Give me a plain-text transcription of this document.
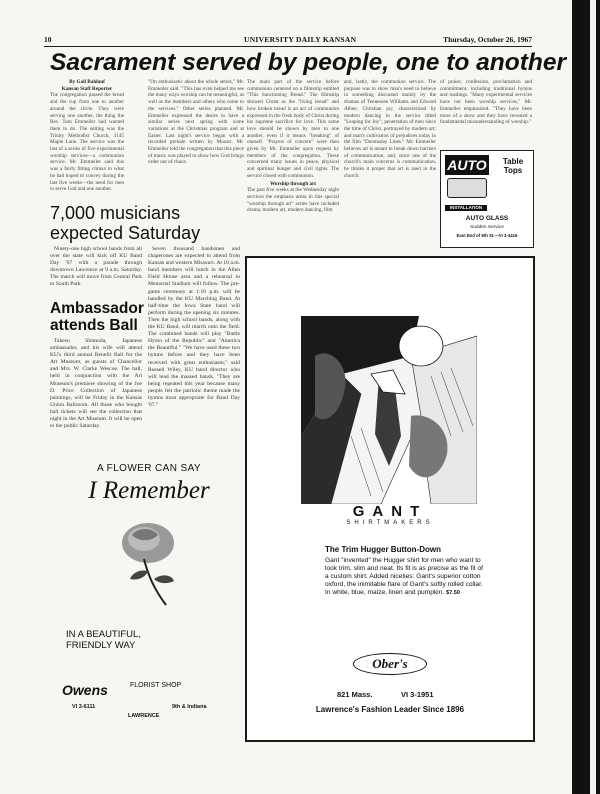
10	UNIVERSITY DAILY KANSAN	Thursday, October 26, 1967
Sacrament served by people, one to another
By Gail Baldauf
Kansan Staff Reporter
The congregation passed the bread and the cup from one to another around the circle. They were serving one another, the thing the Rev. Tom Emmeiler had wanted them to do. The setting was the Trinity Methodist Church, 3145 Maple Lane. The service was the last of a series of five experimental worship services—a communion service. Mr. Emmeiler said this was a fairly fitting climax to what he had hoped to convey during the last five weeks—the need for men to serve God and one another.
"I'm enthusiastic about the whole series," Mr. Emmeiler said. "This has even helped me see the many ways worship can be meaningful, as well as the members and others who come to the services." Other series planned. Mr. Emmeiler expressed the desire to have a similar series next spring with some variations at the Christmas program and at Easter. Last night's service began with a recorded prelude written by Mozart. Mr. Emmeiler told the congregation that this piece of music was played to show how God brings order out of chaos.
The main part of the service before communion centered on a filmstrip entitled "This Sanctioning Bread." The filmstrip showed Christ as the "living bread" and how broken bread is an act of communion expressed in the fresh body of Christ during his supreme sacrifice for love. This same love should be shown by men to one another, even if it means "breaking" of oneself. "Prayers of concern" were then given by Mr. Emmeiler upon request by members of the congregation. These concerned many issues in peace, physical and spiritual hunger and civil rights. The service closed with communion.
Worship through art
The past five weeks at the Wednesday night services the emphasis areas in this special "worship through art" series have included drama, modern art, modern dancing, film
and, lastly, the communion service. The purpose was to show man's need to believe in something discussed mainly by the dramas of Tennessee Williams and Edward Albee; Christian joy, characterized by modern dancing in the service titled "Leaping for Joy"; penetration of men since the time of Christ, portrayed by modern art; and man's cultivation of prejudices today in the film "Doomsday Lines." Mr. Emmeiler believes art is meant to break down barriers of communication, and, since one of the church's main concerns is communication, he thinks it proper that art is used in the church.
of praise, confession, proclamation and commitment, including traditional hymns and readings. "Many experimental services have not been worship services," Mr. Emmeiler emphasized. "They have been more of a show and they have revealed a fundamental misunderstanding of worship."
AUTO	Table Tops
INSTALLATION
AUTO GLASS
Sudden Service
East End of 9th St.—VI 3-4416
7,000 musicians expected Saturday

Ninety-one high school bands from all over the state will kick off KU Band Day '67 with a parade through downtown Lawrence at 9 a.m. Saturday. The march will move from Central Park to South Park.

Seven thousand bandsmen and chaperones are expected to attend from Kansas and western Missouri. At 10 a.m. band members will lunch in the Allen Field House area and a rehearsal in Memorial Stadium will follow. The pre-game ceremony at 1:10 p.m. will be handled by the KU Marching Band. At half-time the Iowa State band will perform during the opening six minutes. Then the high school bands, along with the KU Band, will march onto the field. The combined bands will play "Battle Hymn of the Republic" and "America the Beautiful." "We have used these two hymns before and they have been received with great enthusiasm," said Russell Wiley, KU band director who will lead the massed bands. "They are being repeated this year because many people felt the patriotic theme made the hymns most appropriate for Band Day '67."

Ambassador attends Ball

Takeso Shimoda, Japanese ambassador, and his wife will attend KU's third annual Benefit Ball for the Art Museum, as guests of Chancellor and Mrs. W. Clarke Wescoe. The ball, held in conjunction with the Art Museum's premiere showing of the Joe D. Price Collection of Japanese paintings, will be Friday in the Kansas Union Ballroom. All those who bought ball tickets will see the collection that night in the Art Museum. It will be open to the public Saturday.

GANT
SHIRTMAKERS
The Trim Hugger Button-Down
Gant "invented" the Hugger shirt for men who want to look trim, slim and neat. Its fit is as precise as the fit of a custom shirt. Added niceties: Gant's superior cotton oxford, the inimitable flare of Gant's softly rolled collar. In white, blue, maize, linen and pumpkin. $7.50
Ober's
821 Mass.	VI 3-1951
Lawrence's Fashion Leader Since 1896
A FLOWER CAN SAY
I Remember
IN A BEAUTIFUL,
FRIENDLY WAY
Owens	FLORIST SHOP
VI 3-6111	9th & Indiana
LAWRENCE
